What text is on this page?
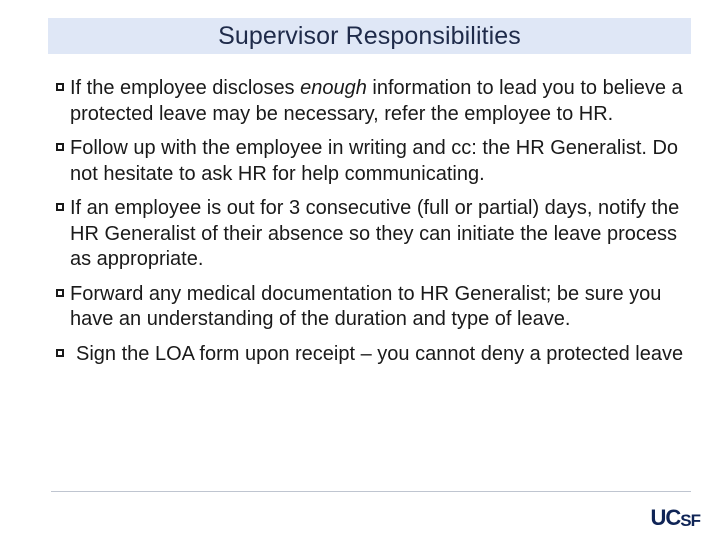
Supervisor Responsibilities
If the employee discloses enough information to lead you to believe a protected leave may be necessary, refer the employee to HR.
Follow up with the employee in writing and cc: the HR Generalist. Do not hesitate to ask HR for help communicating.
If an employee is out for 3 consecutive (full or partial) days, notify the HR Generalist of their absence so they can initiate the leave process as appropriate.
Forward any medical documentation to HR Generalist; be sure you have an understanding of the duration and type of leave.
Sign the LOA form upon receipt – you cannot deny a protected leave
UC SF
